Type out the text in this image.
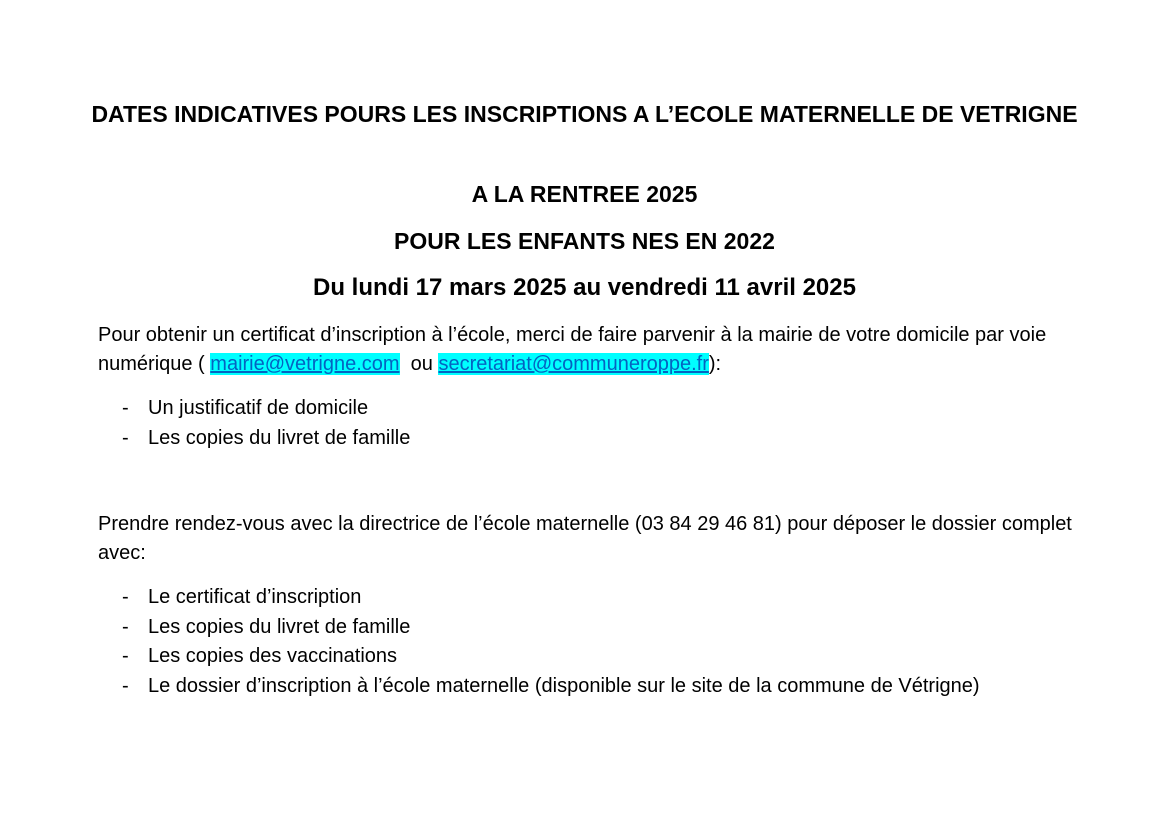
DATES INDICATIVES POURS LES INSCRIPTIONS A L’ECOLE MATERNELLE DE VETRIGNE
A LA RENTREE 2025
POUR LES ENFANTS NES EN 2022
Du lundi 17 mars 2025 au vendredi 11 avril 2025
Pour obtenir un certificat d’inscription à l’école, merci de faire parvenir à la mairie de votre domicile par voie numérique ( mairie@vetrigne.com  ou secretariat@communeroppe.fr):
- Un justificatif de domicile
- Les copies du livret de famille
Prendre rendez-vous avec la directrice de l’école maternelle (03 84 29 46 81) pour déposer le dossier complet avec:
- Le certificat d’inscription
- Les copies du livret de famille
- Les copies des vaccinations
- Le dossier d’inscription à l’école maternelle (disponible sur le site de la commune de Vétrigne)
